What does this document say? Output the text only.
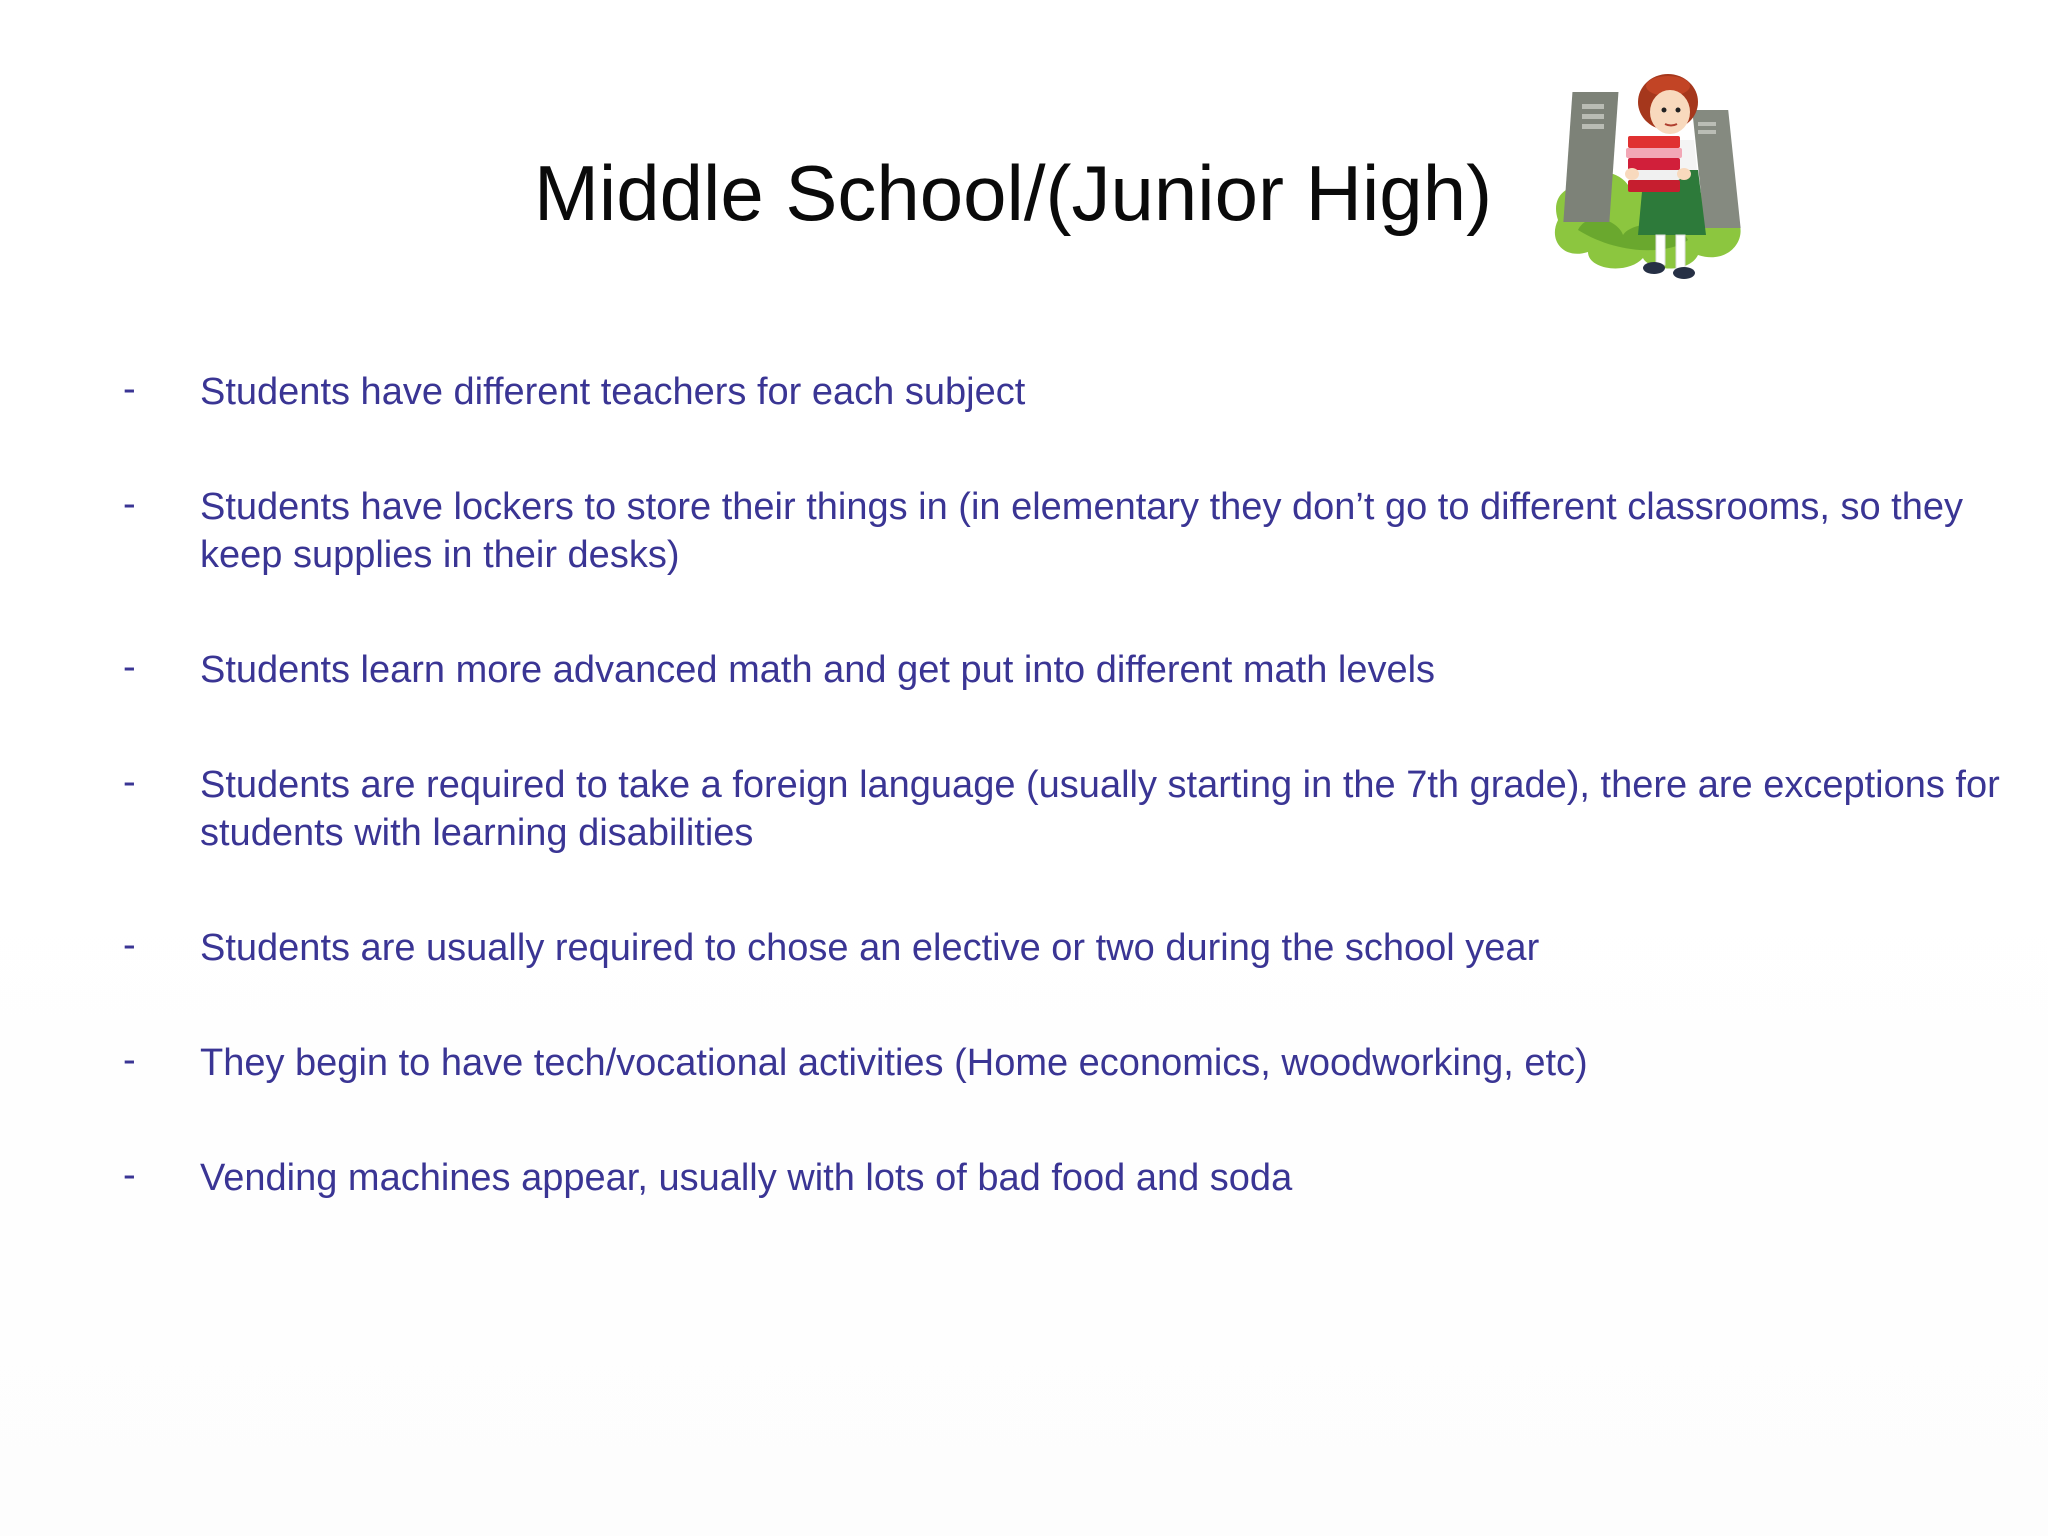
Middle School/(Junior High)
- Students have different teachers for each subject
- Students have lockers to store their things in (in elementary they don’t go to different classrooms, so they keep supplies in their desks)
- Students learn more advanced math and get put into different math levels
- Students are required to take a foreign language (usually starting in the 7th grade), there are exceptions for students with learning disabilities
- Students are usually required to chose an elective or two during the school year
- They begin to have tech/vocational activities (Home economics, woodworking, etc)
- Vending machines appear, usually with lots of bad food and soda
